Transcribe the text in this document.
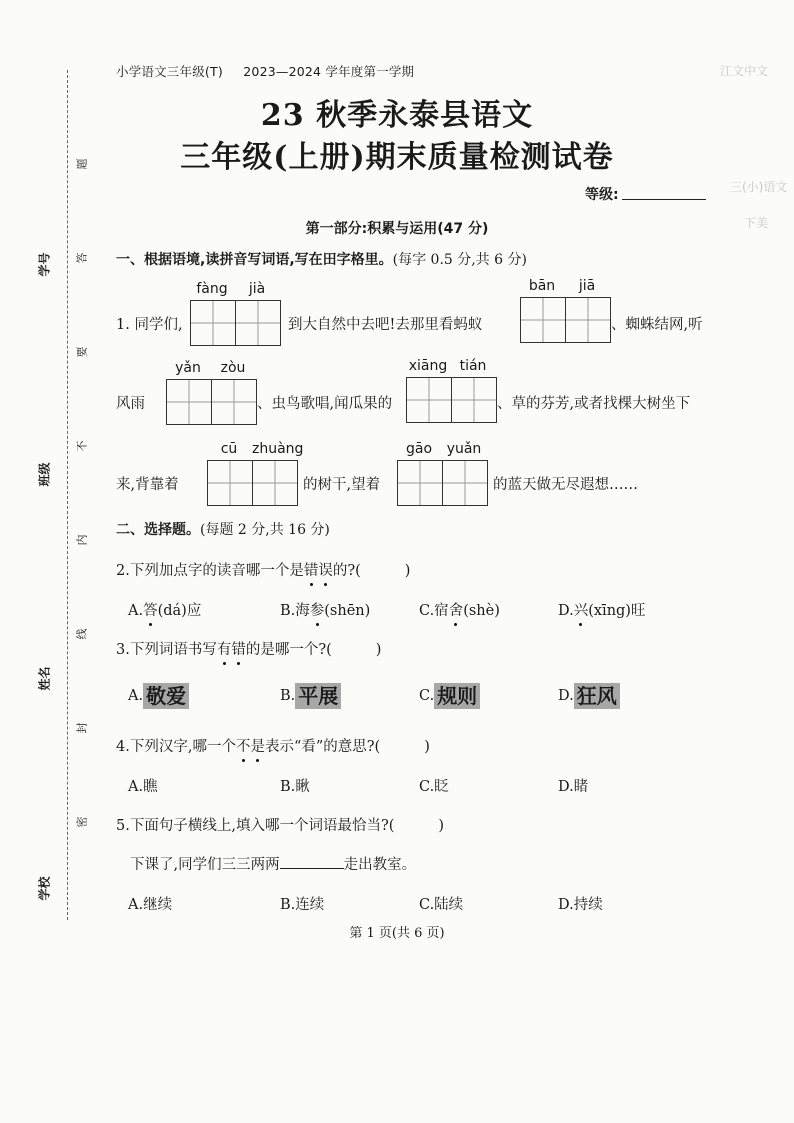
题
答
要
不
内
线
封
密
学号
班级
姓名
学校
江文中文
三(小)语文
下美
小学语文三年级(T) 2023—2024 学年度第一学期
23 秋季永泰县语文
三年级(上册)期末质量检测试卷
等级:
第一部分:积累与运用(47 分)
一、根据语境,读拼音写词语,写在田字格里。(每字 0.5 分,共 6 分)
1. 同学们,
fàng	jià
到大自然中去吧!去那里看蚂蚁
bān	jiā
、蜘蛛结网,听
风雨
yǎn	zòu
、虫鸟歌唱,闻瓜果的
xiāng tián
、草的芬芳,或者找棵大树坐下
来,背靠着
cū	zhuàng
的树干,望着
gāo	yuǎn
的蓝天做无尽遐想……
二、选择题。(每题 2 分,共 16 分)
2.下列加点字的读音哪一个是错误的?(	)
A.答(dá)应	B.海参(shēn)	C.宿舍(shè)	D.兴(xīng)旺
3.下列词语书写有错的是哪一个?(	)
A. 敬爱	B. 平展	C. 规则	D. 狂风
4.下列汉字,哪一个不是表示“看”的意思?(	)
A.瞧	B.瞅	C.眨	D.睹
5.下面句子横线上,填入哪一个词语最恰当?(	)
下课了,同学们三三两两	走出教室。
A.继续	B.连续	C.陆续	D.持续
第 1 页(共 6 页)
